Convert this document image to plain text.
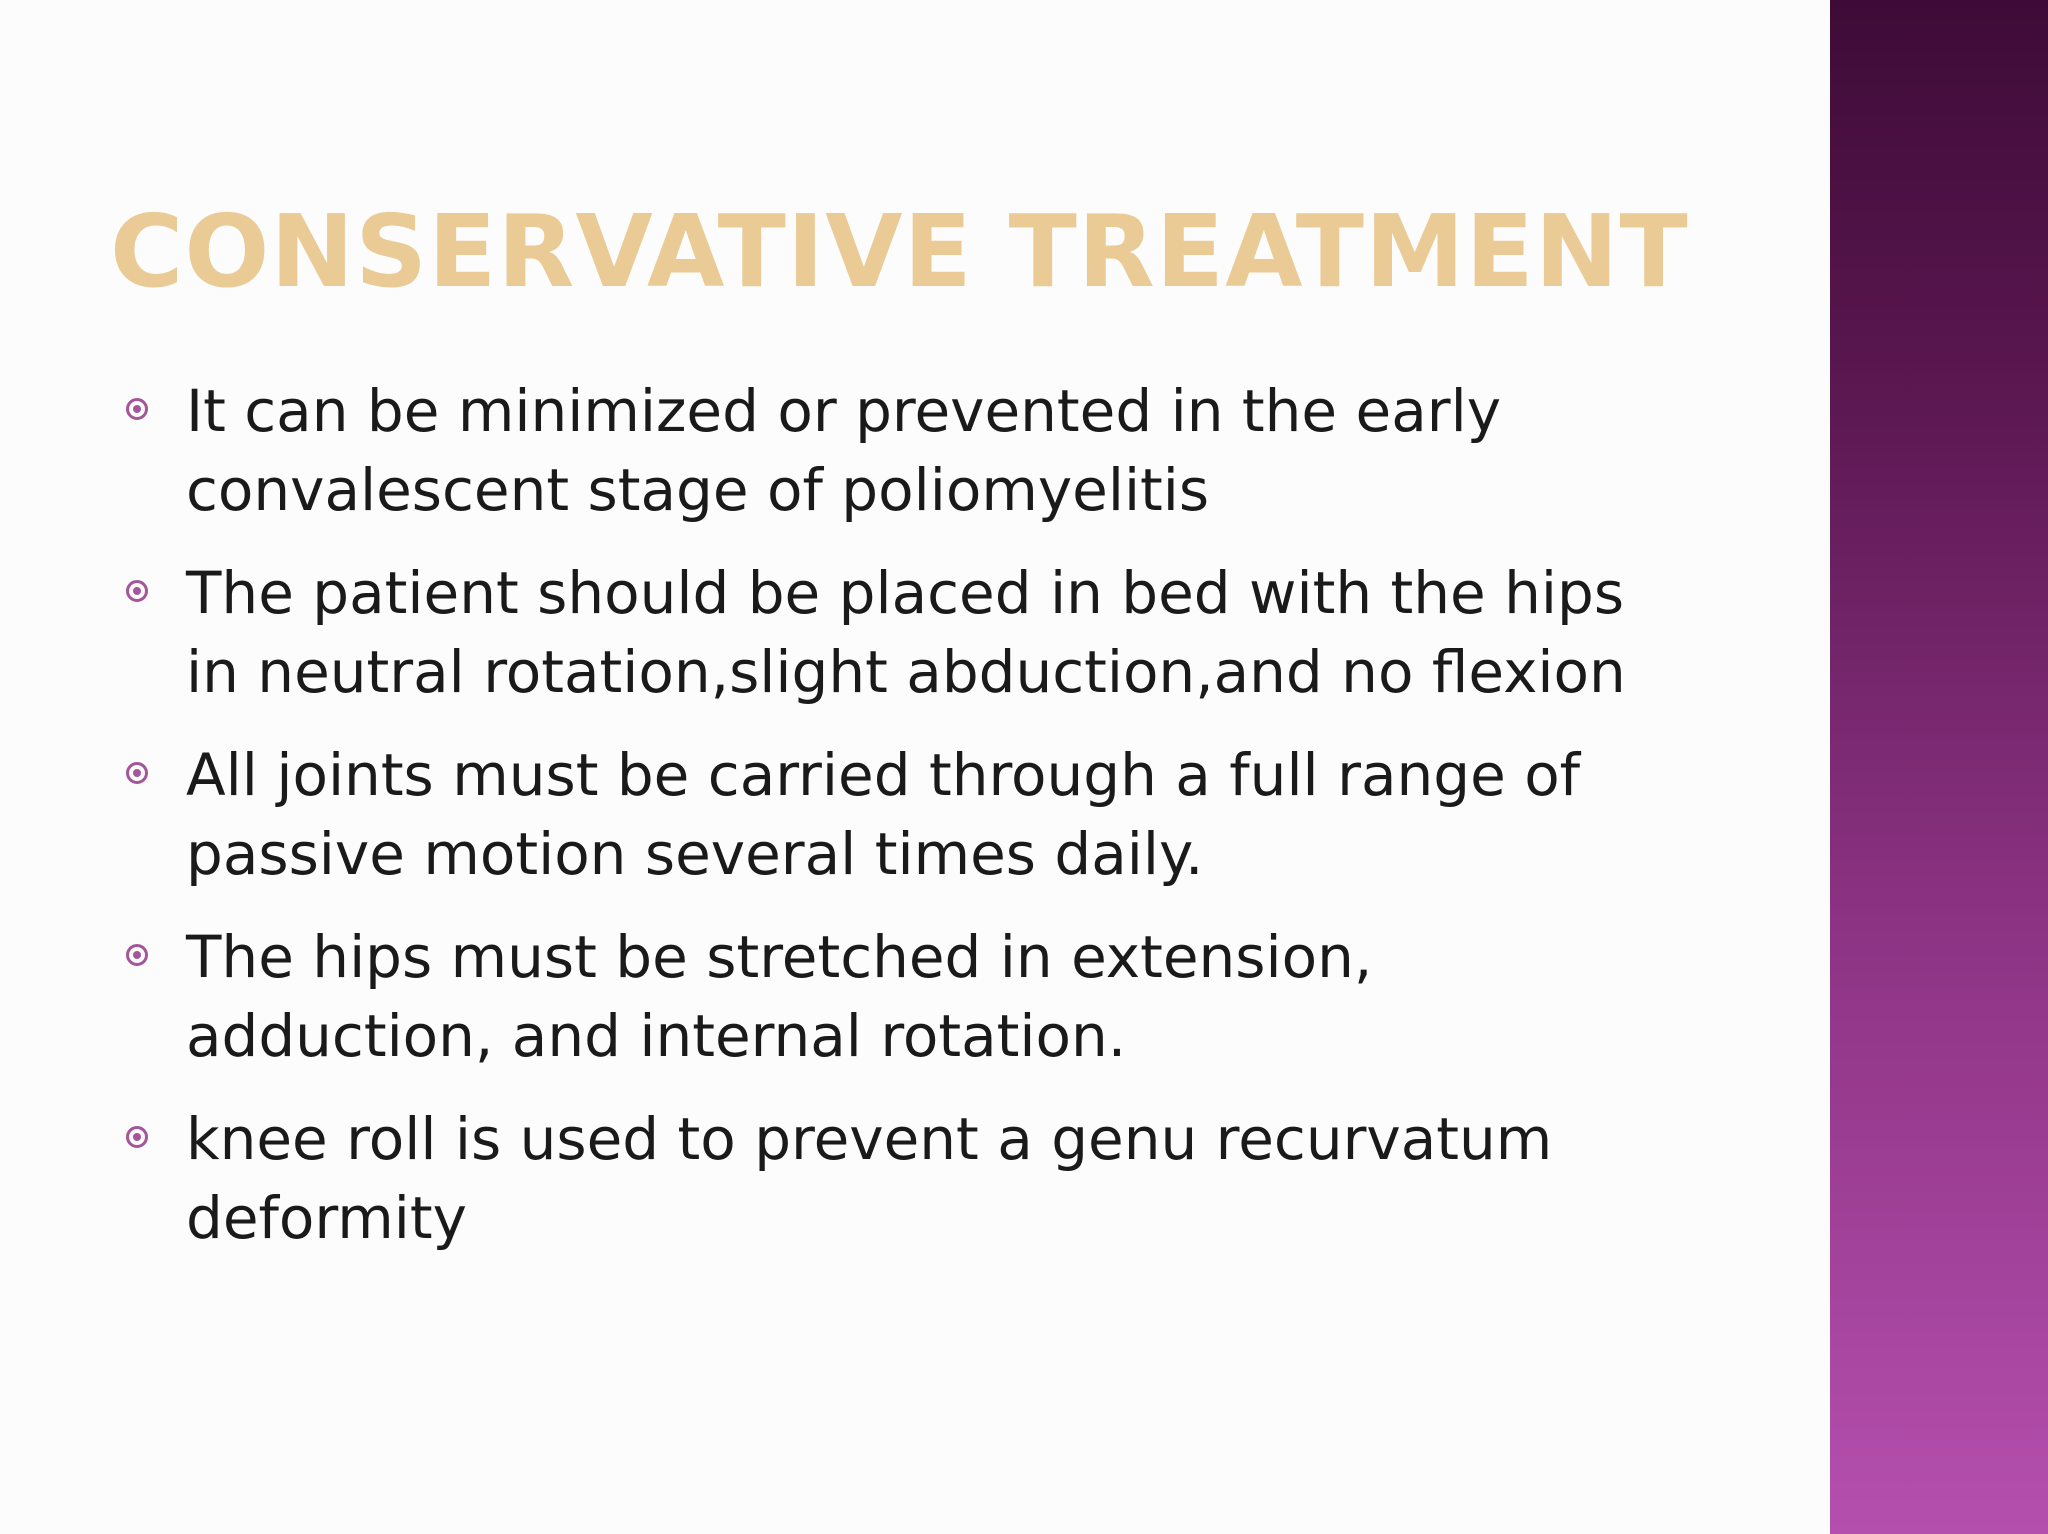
CONSERVATIVE TREATMENT
It can be minimized or prevented in the early convalescent stage of poliomyelitis
The patient should be placed in bed with the hips in neutral rotation,slight abduction,and no flexion
All joints must be carried through a full range of passive motion several times daily.
The hips must be stretched in extension, adduction, and internal rotation.
knee roll is used to prevent a genu recurvatum deformity
